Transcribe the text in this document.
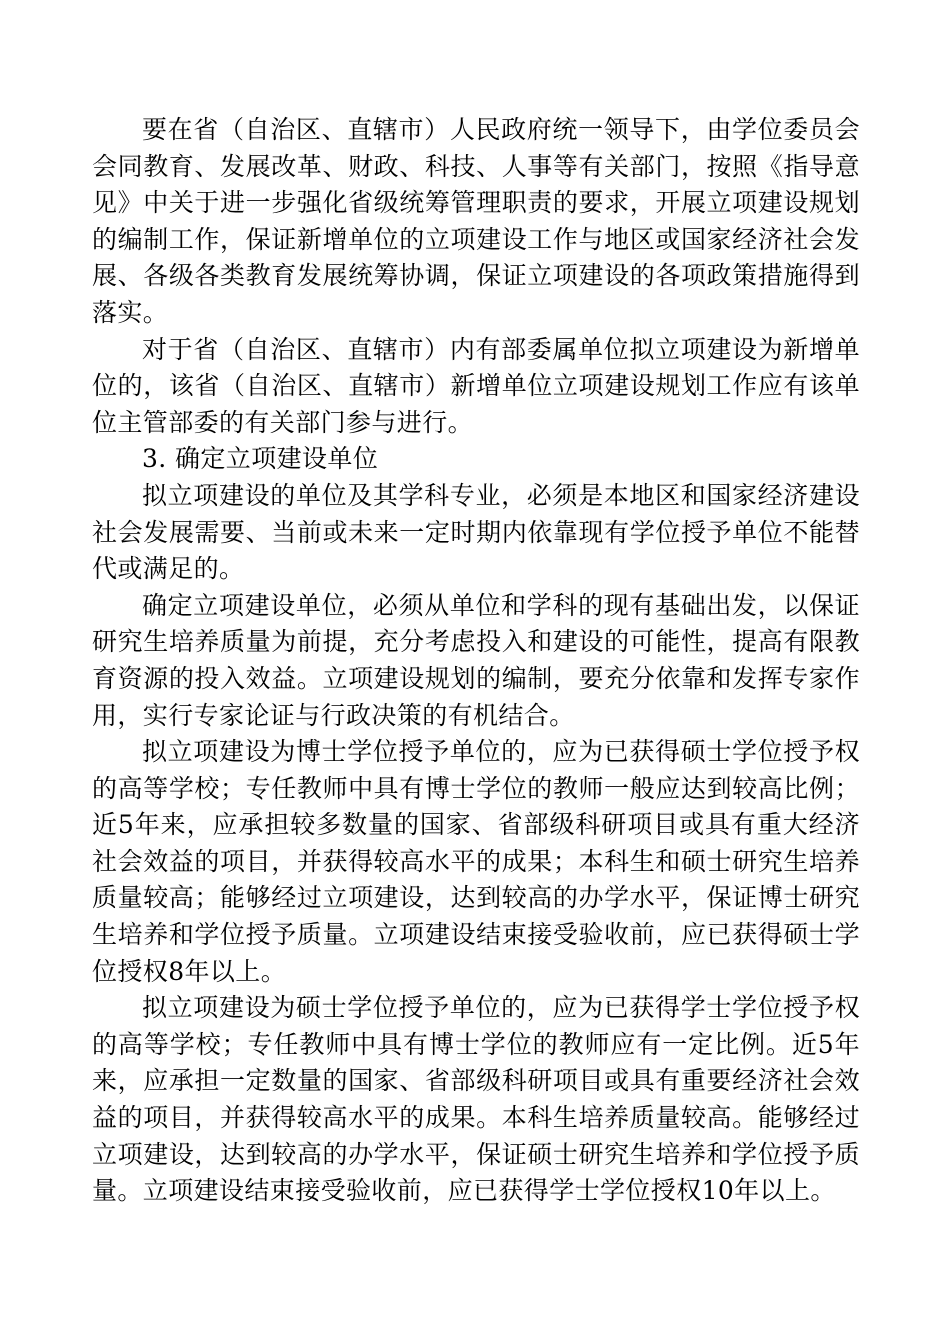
要在省（自治区、直辖市）人民政府统一领导下，由学位委员会会同教育、发展改革、财政、科技、人事等有关部门，按照《指导意见》中关于进一步强化省级统筹管理职责的要求，开展立项建设规划的编制工作，保证新增单位的立项建设工作与地区或国家经济社会发展、各级各类教育发展统筹协调，保证立项建设的各项政策措施得到落实。

对于省（自治区、直辖市）内有部委属单位拟立项建设为新增单位的，该省（自治区、直辖市）新增单位立项建设规划工作应有该单位主管部委的有关部门参与进行。

3. 确定立项建设单位

拟立项建设的单位及其学科专业，必须是本地区和国家经济建设社会发展需要、当前或未来一定时期内依靠现有学位授予单位不能替代或满足的。

确定立项建设单位，必须从单位和学科的现有基础出发，以保证研究生培养质量为前提，充分考虑投入和建设的可能性，提高有限教育资源的投入效益。立项建设规划的编制，要充分依靠和发挥专家作用，实行专家论证与行政决策的有机结合。

拟立项建设为博士学位授予单位的，应为已获得硕士学位授予权的高等学校；专任教师中具有博士学位的教师一般应达到较高比例；近5年来，应承担较多数量的国家、省部级科研项目或具有重大经济社会效益的项目，并获得较高水平的成果；本科生和硕士研究生培养质量较高；能够经过立项建设，达到较高的办学水平，保证博士研究生培养和学位授予质量。立项建设结束接受验收前，应已获得硕士学位授权8年以上。

拟立项建设为硕士学位授予单位的，应为已获得学士学位授予权的高等学校；专任教师中具有博士学位的教师应有一定比例。近5年来，应承担一定数量的国家、省部级科研项目或具有重要经济社会效益的项目，并获得较高水平的成果。本科生培养质量较高。能够经过立项建设，达到较高的办学水平，保证硕士研究生培养和学位授予质量。立项建设结束接受验收前，应已获得学士学位授权10年以上。
